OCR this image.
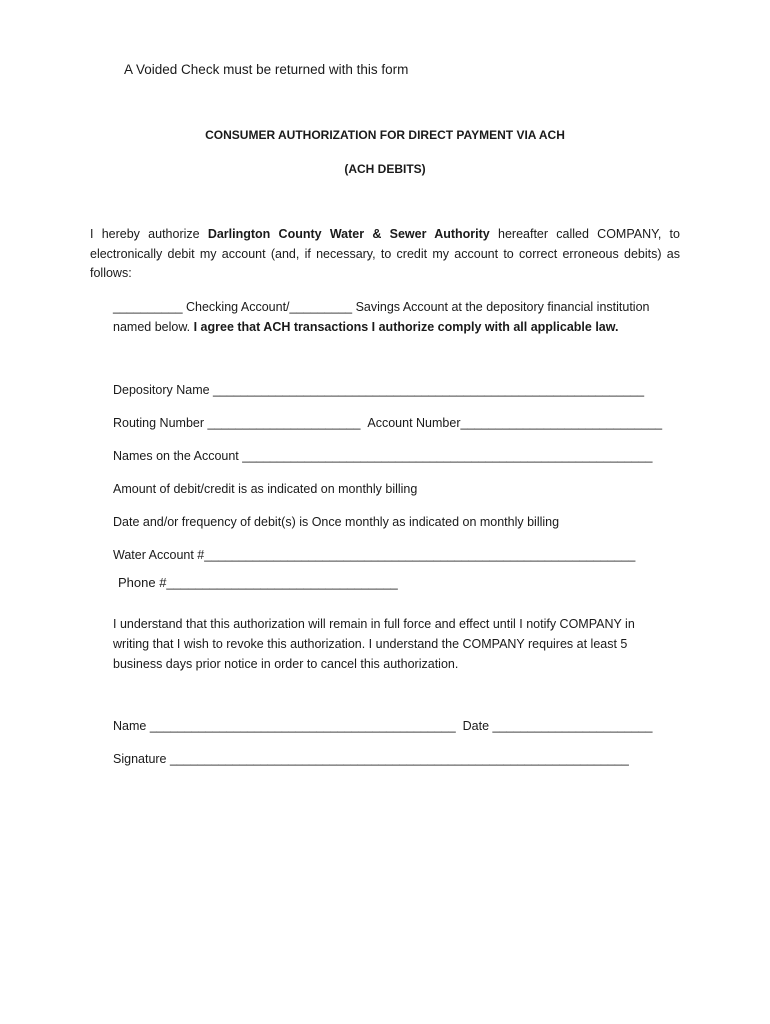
A Voided Check must be returned with this form
CONSUMER AUTHORIZATION FOR DIRECT PAYMENT VIA ACH
(ACH DEBITS)
I hereby authorize Darlington County Water & Sewer Authority hereafter called COMPANY, to electronically debit my account (and, if necessary, to credit my account to correct erroneous debits) as follows:
__________ Checking Account/_________ Savings Account at the depository financial institution named below. I agree that ACH transactions I authorize comply with all applicable law.
Depository Name ______________________________________________________________
Routing Number ______________________ Account Number_____________________________
Names on the Account ___________________________________________________________
Amount of debit/credit is as indicated on monthly billing
Date and/or frequency of debit(s) is Once monthly as indicated on monthly billing
Water Account #______________________________________________________________
Phone #________________________________
I understand that this authorization will remain in full force and effect until I notify COMPANY in writing that I wish to revoke this authorization. I understand the COMPANY requires at least 5 business days prior notice in order to cancel this authorization.
Name ____________________________________________ Date _______________________
Signature __________________________________________________________________
